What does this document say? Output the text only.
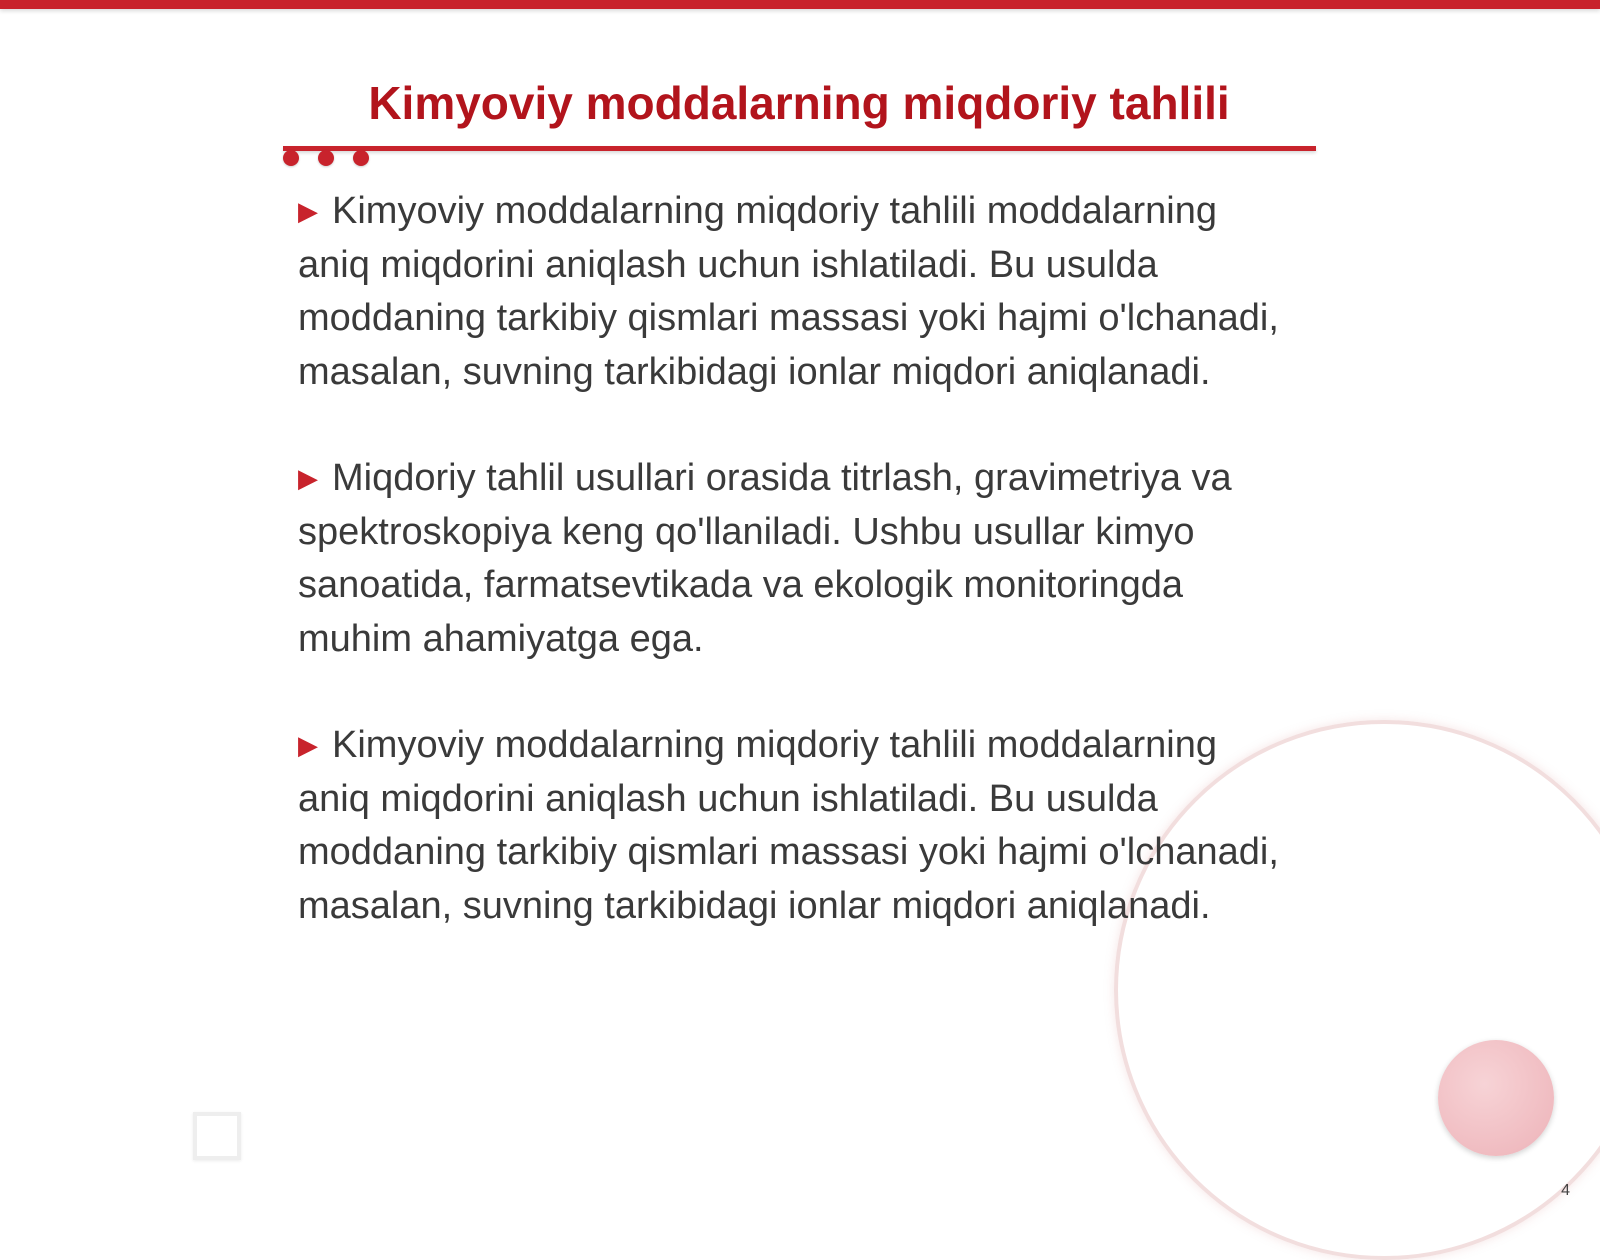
Kimyoviy moddalarning miqdoriy tahlili

▶ Kimyoviy moddalarning miqdoriy tahlili moddalarning aniq miqdorini aniqlash uchun ishlatiladi. Bu usulda moddaning tarkibiy qismlari massasi yoki hajmi o'lchanadi, masalan, suvning tarkibidagi ionlar miqdori aniqlanadi.

▶ Miqdoriy tahlil usullari orasida titrlash, gravimetriya va spektroskopiya keng qo'llaniladi. Ushbu usullar kimyo sanoatida, farmatsevtikada va ekologik monitoringda muhim ahamiyatga ega.

▶ Kimyoviy moddalarning miqdoriy tahlili moddalarning aniq miqdorini aniqlash uchun ishlatiladi. Bu usulda moddaning tarkibiy qismlari massasi yoki hajmi o'lchanadi, masalan, suvning tarkibidagi ionlar miqdori aniqlanadi.

4
